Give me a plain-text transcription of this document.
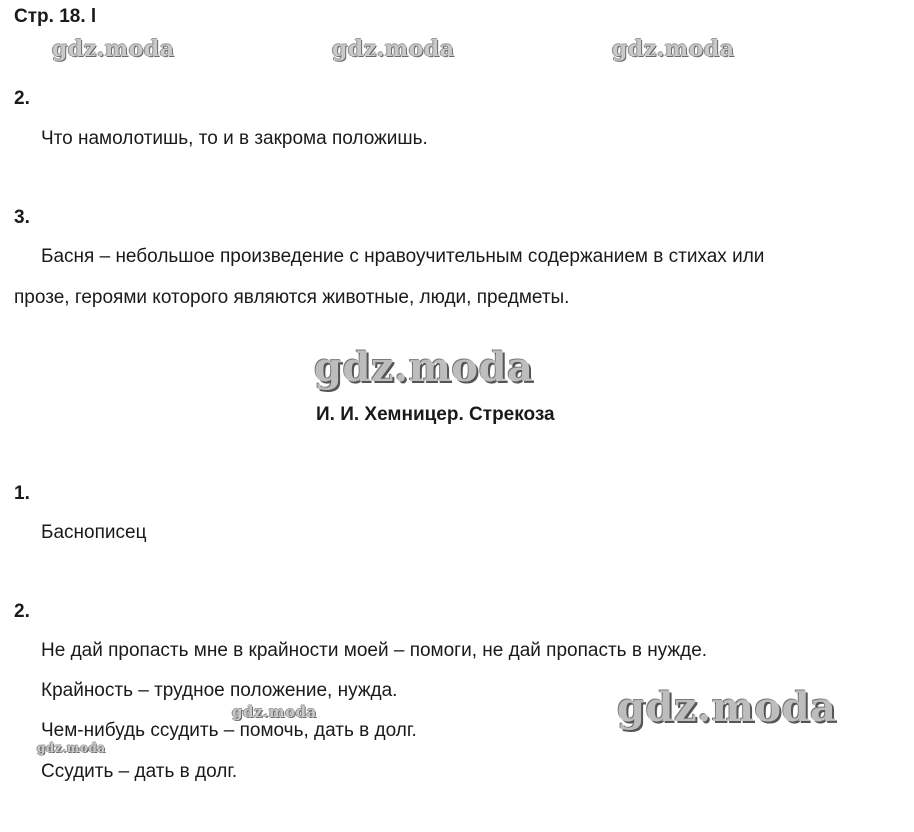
Стр. 18. l
gdz.moda	gdz.moda	gdz.moda
2.
Что намолотишь, то и в закрома положишь.
3.
Басня – небольшое произведение с нравоучительным содержанием в стихах или
прозе, героями которого являются животные, люди, предметы.
gdz.moda
И. И. Хемницер. Стрекоза
1.
Баснописец
2.
Не дай пропасть мне в крайности моей – помоги, не дай пропасть в нужде.
Крайность – трудное положение, нужда.
Чем-нибудь ссудить – помочь, дать в долг.
Ссудить – дать в долг.
gdz.moda
gdz.moda
gdz.moda
